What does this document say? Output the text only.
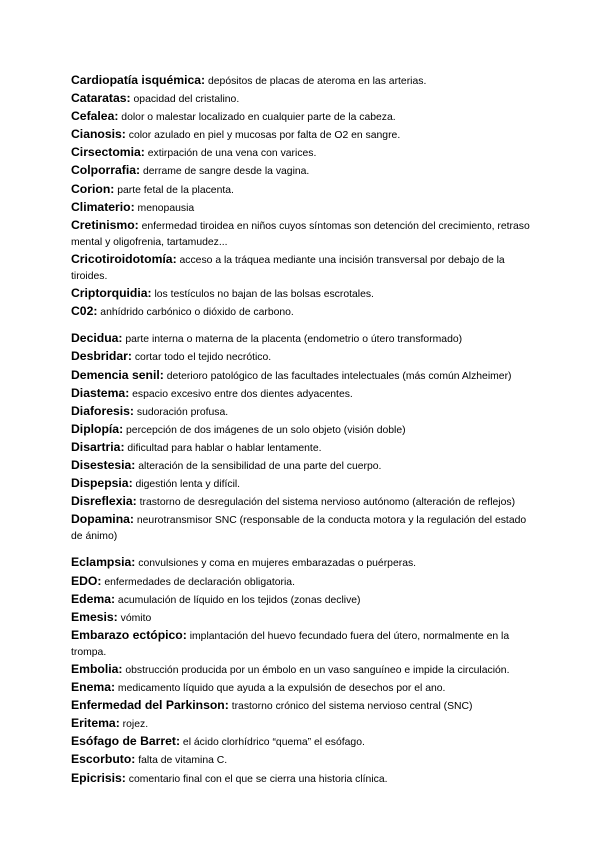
Cardiopatía isquémica: depósitos de placas de ateroma en las arterias.

Cataratas: opacidad del cristalino.

Cefalea: dolor o malestar localizado en cualquier parte de la cabeza.

Cianosis: color azulado en piel y mucosas por falta de O2 en sangre.

Cirsectomia: extirpación de una vena con varices.

Colporrafia: derrame de sangre desde la vagina.

Corion: parte fetal de la placenta.

Climaterio: menopausia

Cretinismo: enfermedad tiroidea en niños cuyos síntomas son detención del crecimiento, retraso mental y oligofrenia, tartamudez...

Cricotiroidotomía: acceso a la tráquea mediante una incisión transversal por debajo de la tiroides.

Criptorquidia: los testículos no bajan de las bolsas escrotales.

C02: anhídrido carbónico o dióxido de carbono.

Decidua: parte interna o materna de la placenta (endometrio o útero transformado)

Desbridar: cortar todo el tejido necrótico.

Demencia senil: deterioro patológico de las facultades intelectuales (más común Alzheimer)

Diastema: espacio excesivo entre dos dientes adyacentes.

Diaforesis: sudoración profusa.

Diplopía: percepción de dos imágenes de un solo objeto (visión doble)

Disartria: dificultad para hablar o hablar lentamente.

Disestesia: alteración de la sensibilidad de una parte del cuerpo.

Dispepsia: digestión lenta y difícil.

Disreflexia: trastorno de desregulación del sistema nervioso autónomo (alteración de reflejos)

Dopamina: neurotransmisor SNC (responsable de la conducta motora y la regulación del estado de ánimo)

Eclampsia: convulsiones y coma en mujeres embarazadas o puérperas.

EDO: enfermedades de declaración obligatoria.

Edema: acumulación de líquido en los tejidos (zonas declive)

Emesis: vómito

Embarazo ectópico: implantación del huevo fecundado fuera del útero, normalmente en la trompa.

Embolia: obstrucción producida por un émbolo en un vaso sanguíneo e impide la circulación.

Enema: medicamento líquido que ayuda a la expulsión de desechos por el ano.

Enfermedad del Parkinson: trastorno crónico del sistema nervioso central (SNC)

Eritema: rojez.

Esófago de Barret: el ácido clorhídrico “quema” el esófago.

Escorbuto: falta de vitamina C.

Epicrisis: comentario final con el que se cierra una historia clínica.
